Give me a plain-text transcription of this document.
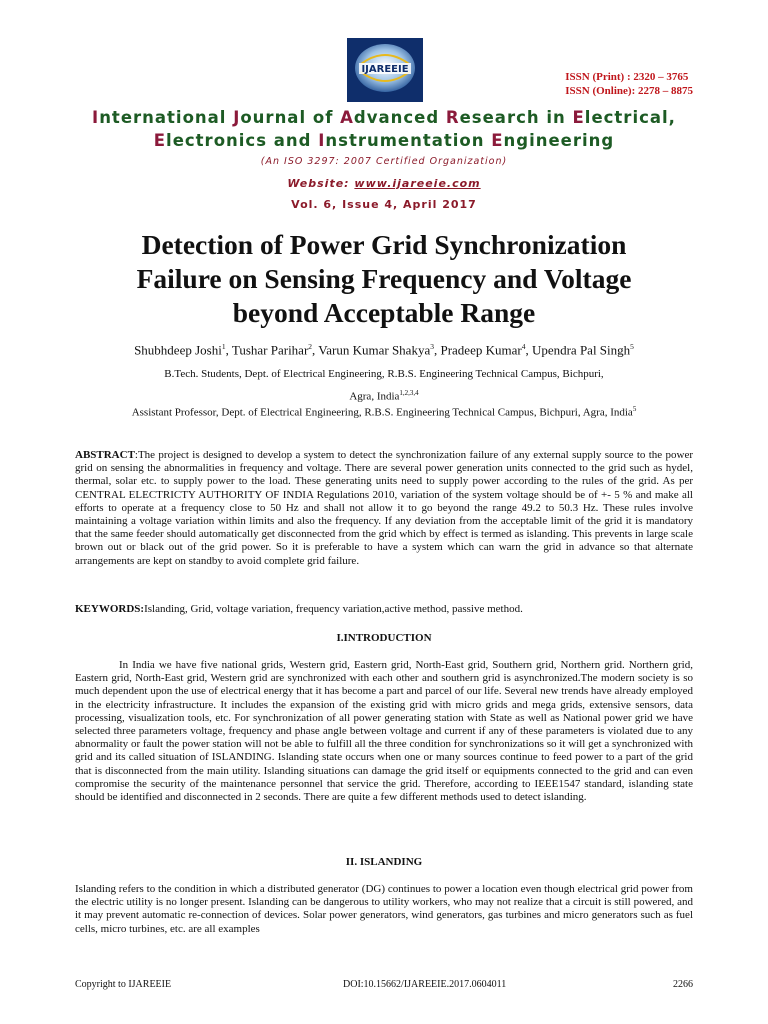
IJAREEIE
ISSN (Print) : 2320 – 3765
ISSN (Online): 2278 – 8875
International Journal of Advanced Research in Electrical,
Electronics and Instrumentation Engineering
(An ISO 3297: 2007 Certified Organization)
Website: www.ijareeie.com
Vol. 6, Issue 4, April 2017
Detection of Power Grid Synchronization
Failure on Sensing Frequency and Voltage
beyond Acceptable Range
Shubhdeep Joshi$^1$, Tushar Parihar$^2$, Varun Kumar Shakya$^3$, Pradeep Kumar$^4$, Upendra Pal Singh$^5$
B.Tech. Students, Dept. of Electrical Engineering, R.B.S. Engineering Technical Campus, Bichpuri,
Agra, India$^{1,2,3,4}$
Assistant Professor, Dept. of Electrical Engineering, R.B.S. Engineering Technical Campus, Bichpuri, Agra, India$^5$
ABSTRACT:The project is designed to develop a system to detect the synchronization failure of any external supply source to the power grid on sensing the abnormalities in frequency and voltage. There are several power generation units connected to the grid such as hydel, thermal, solar etc. to supply power to the load. These generating units need to supply power according to the rules of the grid. As per CENTRAL ELECTRICTY AUTHORITY OF INDIA Regulations 2010, variation of the system voltage should be of +- 5 % and make all efforts to operate at a frequency close to 50 Hz and shall not allow it to go beyond the range 49.2 to 50.3 Hz. These rules involve maintaining a voltage variation within limits and also the frequency. If any deviation from the acceptable limit of the grid it is mandatory that the same feeder should automatically get disconnected from the grid which by effect is termed as islanding. This prevents in large scale brown out or black out of the grid power. So it is preferable to have a system which can warn the grid in advance so that alternate arrangements are kept on standby to avoid complete grid failure.
KEYWORDS:Islanding, Grid, voltage variation, frequency variation,active method, passive method.
I.INTRODUCTION
In India we have five national grids, Western grid, Eastern grid, North-East grid, Southern grid, Northern grid. Northern grid, Eastern grid, North-East grid, Western grid are synchronized with each other and southern grid is asynchronized.The modern society is so much dependent upon the use of electrical energy that it has become a part and parcel of our life. Several new trends have already employed in the electricity infrastructure. It includes the expansion of the existing grid with micro grids and mega grids, extensive sensors, data processing, visualization tools, etc. For synchronization of all power generating station with State as well as National power grid we have selected three parameters voltage, frequency and phase angle between voltage and current if any of these parameters is violated due to any abnormality or fault the power station will not be able to fulfill all the three condition for synchronizations so it will get a synchronized with grid and its called situation of ISLANDING. Islanding state occurs when one or many sources continue to feed power to a part of the grid that is disconnected from the main utility. Islanding situations can damage the grid itself or equipments connected to the grid and can even compromise the security of the maintenance personnel that service the grid. Therefore, according to IEEE1547 standard, islanding state should be identified and disconnected in 2 seconds. There are quite a few different methods used to detect islanding.
II. ISLANDING
Islanding refers to the condition in which a distributed generator (DG) continues to power a location even though electrical grid power from the electric utility is no longer present. Islanding can be dangerous to utility workers, who may not realize that a circuit is still powered, and it may prevent automatic re-connection of devices. Solar power generators, wind generators, gas turbines and micro generators such as fuel cells, micro turbines, etc. are all examples
Copyright to IJAREEIE	DOI:10.15662/IJAREEIE.2017.0604011	2266
